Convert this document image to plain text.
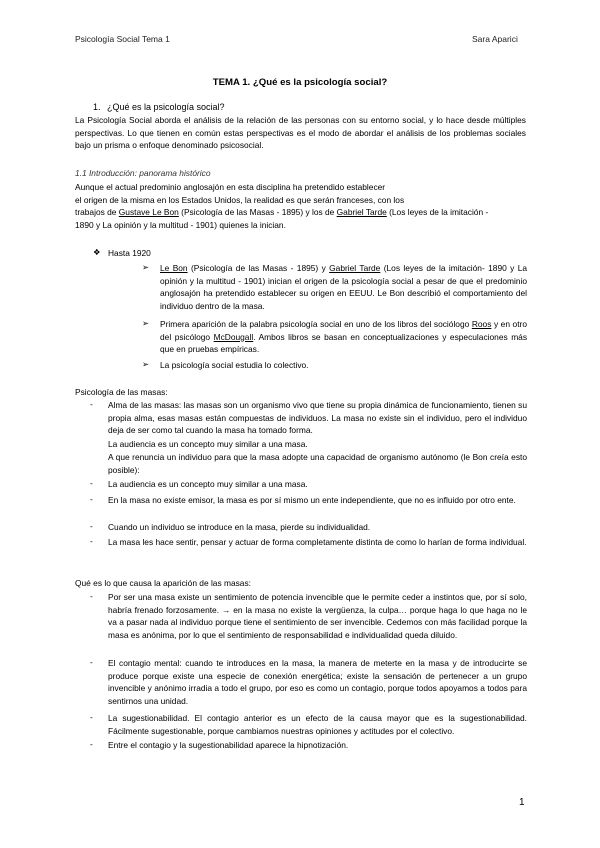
Psicología Social Tema 1	Sara Aparici
TEMA 1. ¿Qué es la psicología social?
1. ¿Qué es la psicología social?
La Psicología Social aborda el análisis de la relación de las personas con su entorno social, y lo hace desde múltiples perspectivas. Lo que tienen en común estas perspectivas es el modo de abordar el análisis de los problemas sociales bajo un prisma o enfoque denominado psicosocial.
1.1 Introducción: panorama histórico
Aunque el actual predominio anglosajón en esta disciplina ha pretendido establecer
el origen de la misma en los Estados Unidos, la realidad es que serán franceses, con los
trabajos de Gustave Le Bon (Psicología de las Masas - 1895) y los de Gabriel Tarde (Los leyes de la imitación -
1890 y La opinión y la multitud - 1901) quienes la inician.
❖ Hasta 1920
➢ Le Bon (Psicología de las Masas - 1895) y Gabriel Tarde (Los leyes de la imitación- 1890 y La opinión y la multitud - 1901) inician el origen de la psicología social a pesar de que el predominio anglosajón ha pretendido establecer su origen en EEUU. Le Bon describió el comportamiento del individuo dentro de la masa.
➢ Primera aparición de la palabra psicología social en uno de los libros del sociólogo Roos y en otro del psicólogo McDougall. Ambos libros se basan en conceptualizaciones y especulaciones más que en pruebas empíricas.
➢ La psicología social estudia lo colectivo.
Psicología de las masas:
- Alma de las masas: las masas son un organismo vivo que tiene su propia dinámica de funcionamiento, tienen su propia alma, esas masas están compuestas de individuos. La masa no existe sin el individuo, pero el individuo deja de ser como tal cuando la masa ha tomado forma.
La audiencia es un concepto muy similar a una masa.
A que renuncia un individuo para que la masa adopte una capacidad de organismo autónomo (le Bon creía esto posible):
- La audiencia es un concepto muy similar a una masa.
- En la masa no existe emisor, la masa es por sí mismo un ente independiente, que no es influido por otro ente.
- Cuando un individuo se introduce en la masa, pierde su individualidad.
- La masa les hace sentir, pensar y actuar de forma completamente distinta de como lo harían de forma individual.
Qué es lo que causa la aparición de las masas:
- Por ser una masa existe un sentimiento de potencia invencible que le permite ceder a instintos que, por sí solo, habría frenado forzosamente. → en la masa no existe la vergüenza, la culpa… porque haga lo que haga no le va a pasar nada al individuo porque tiene el sentimiento de ser invencible. Cedemos con más facilidad porque la masa es anónima, por lo que el sentimiento de responsabilidad e individualidad queda diluido.
- El contagio mental: cuando te introduces en la masa, la manera de meterte en la masa y de introducirte se produce porque existe una especie de conexión energética; existe la sensación de pertenecer a un grupo invencible y anónimo irradia a todo el grupo, por eso es como un contagio, porque todos apoyamos a todos para sentirnos una unidad.
- La sugestionabilidad. El contagio anterior es un efecto de la causa mayor que es la sugestionabilidad. Fácilmente sugestionable, porque cambiamos nuestras opiniones y actitudes por el colectivo.
- Entre el contagio y la sugestionabilidad aparece la hipnotización.
1
